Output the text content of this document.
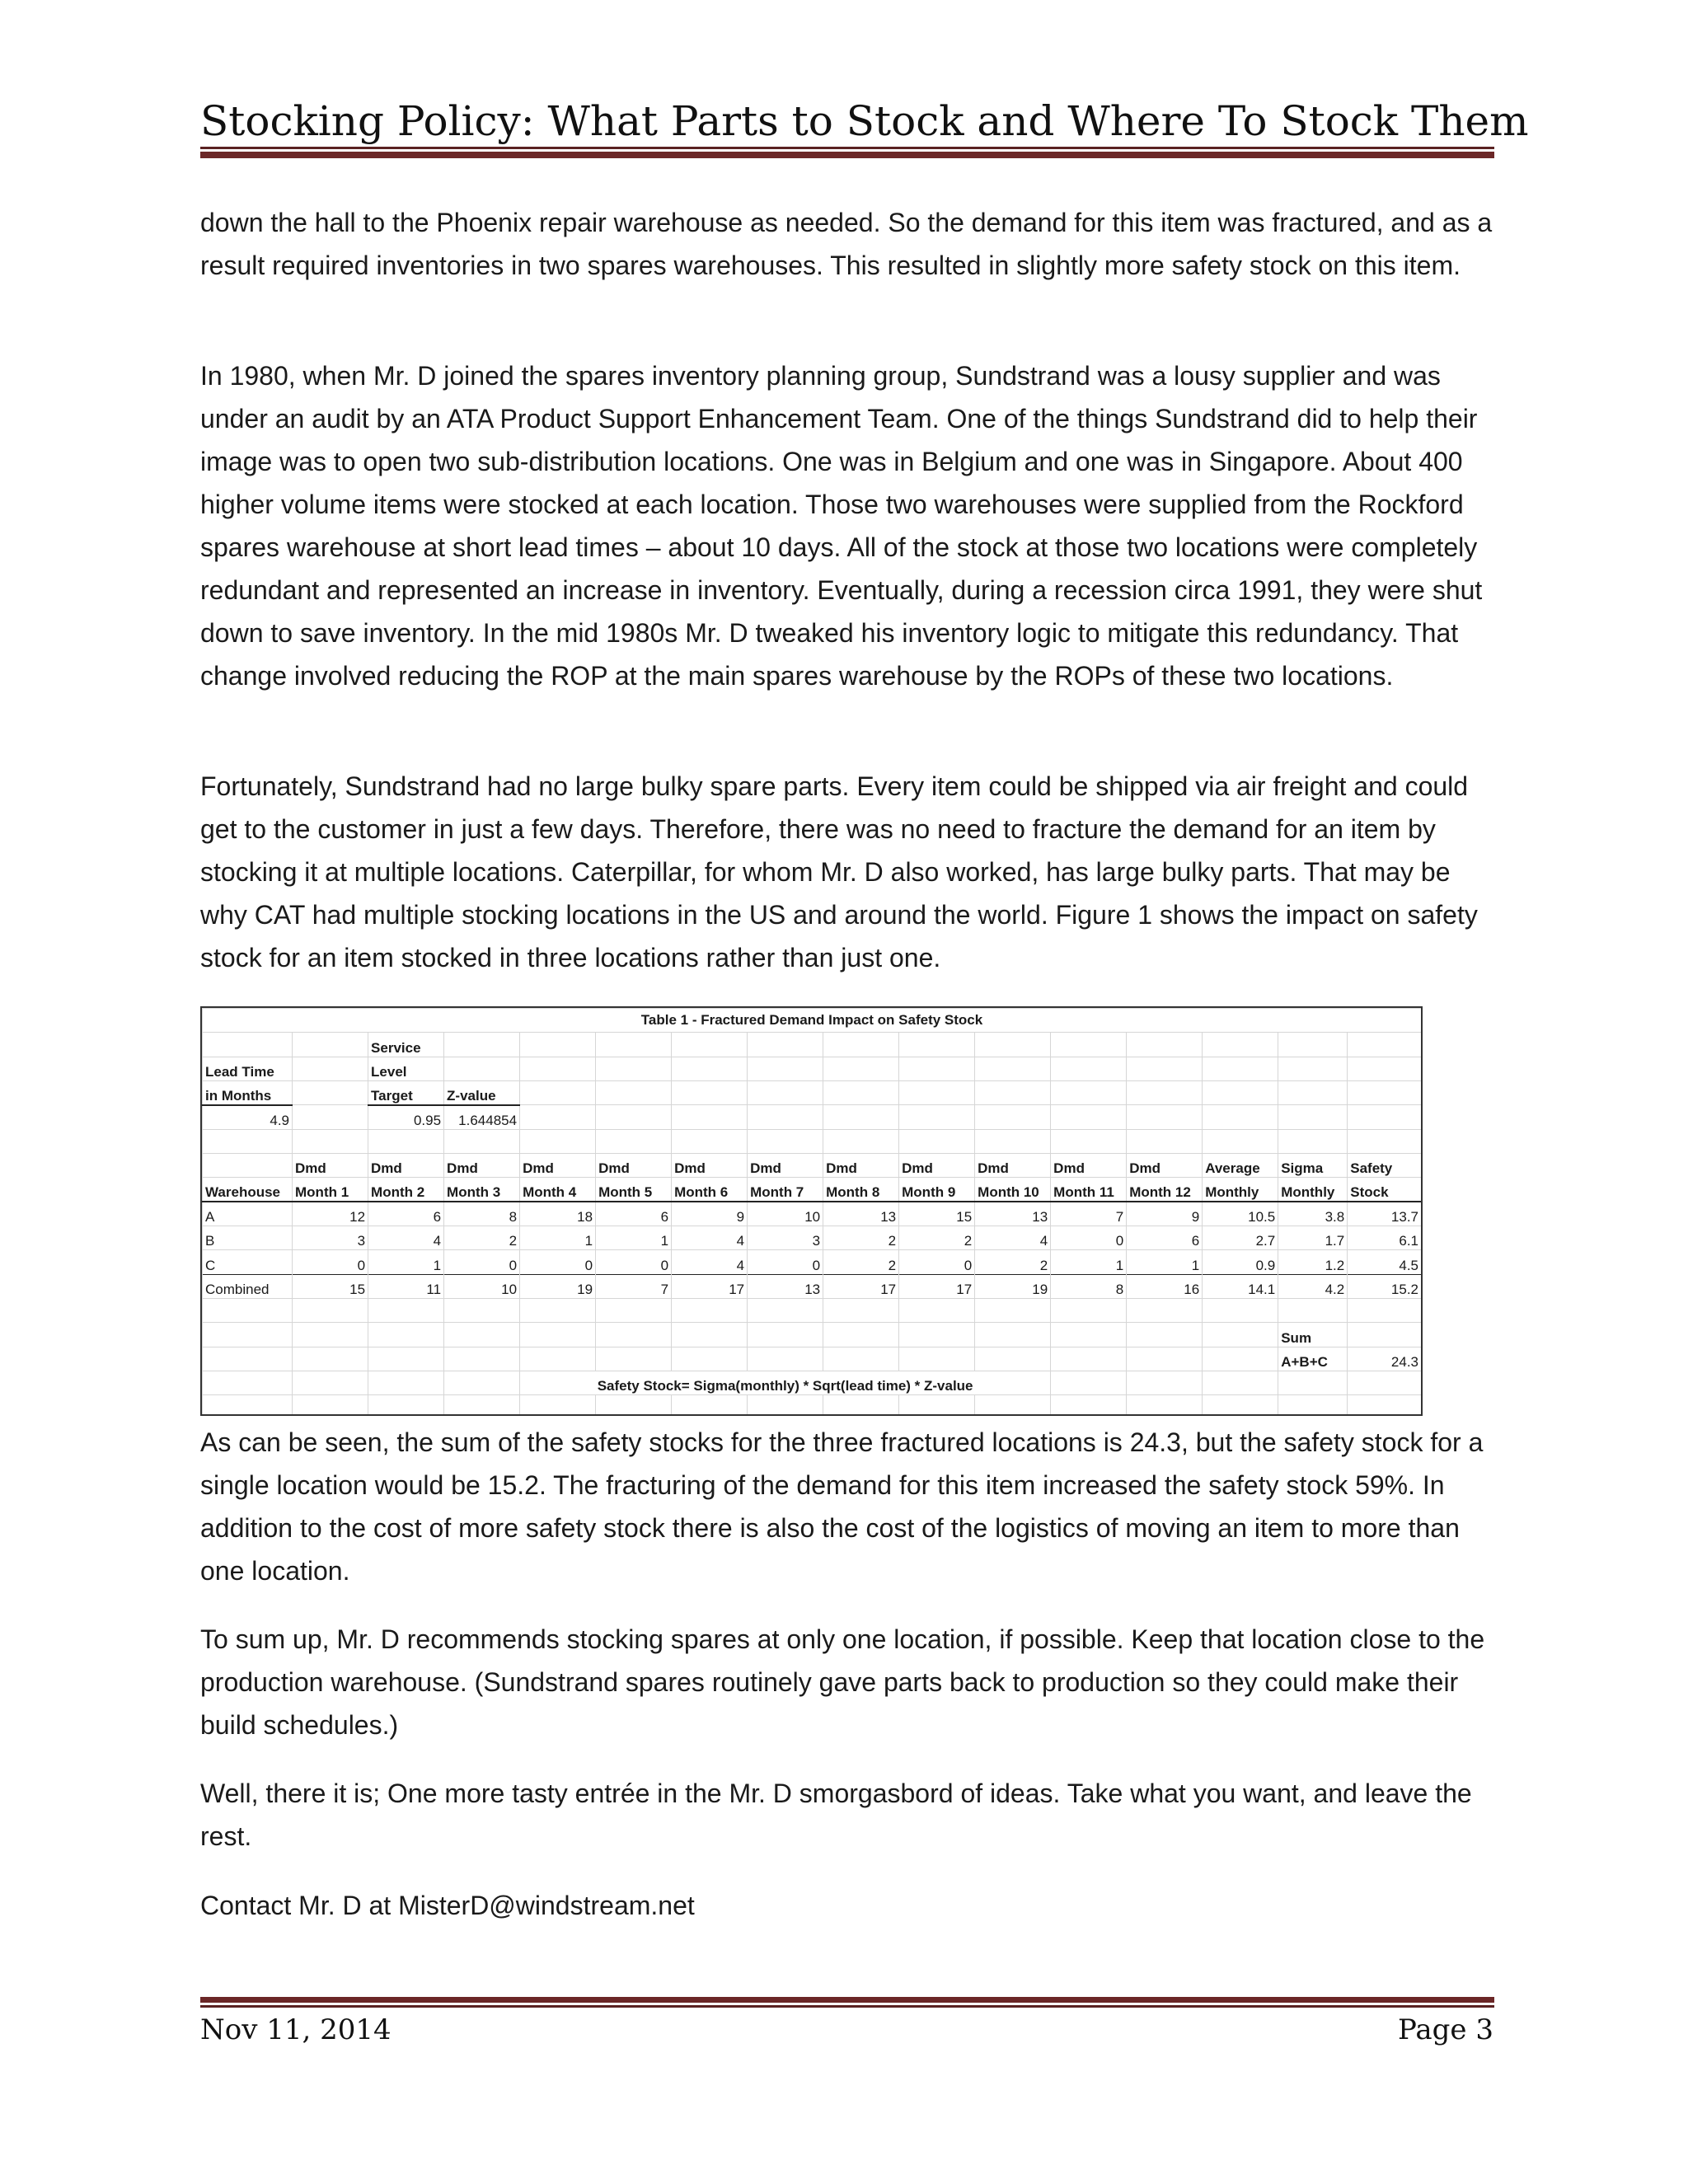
Stocking Policy: What Parts to Stock and Where To Stock Them

down the hall to the Phoenix repair warehouse as needed. So the demand for this item was fractured, and as a result required inventories in two spares warehouses. This resulted in slightly more safety stock on this item.

In 1980, when Mr. D joined the spares inventory planning group, Sundstrand was a lousy supplier and was under an audit by an ATA Product Support Enhancement Team. One of the things Sundstrand did to help their image was to open two sub-distribution locations. One was in Belgium and one was in Singapore. About 400 higher volume items were stocked at each location. Those two warehouses were supplied from the Rockford spares warehouse at short lead times – about 10 days. All of the stock at those two locations were completely redundant and represented an increase in inventory. Eventually, during a recession circa 1991, they were shut down to save inventory. In the mid 1980s Mr. D tweaked his inventory logic to mitigate this redundancy. That change involved reducing the ROP at the main spares warehouse by the ROPs of these two locations.

Fortunately, Sundstrand had no large bulky spare parts. Every item could be shipped via air freight and could get to the customer in just a few days. Therefore, there was no need to fracture the demand for an item by stocking it at multiple locations. Caterpillar, for whom Mr. D also worked, has large bulky parts. That may be why CAT had multiple stocking locations in the US and around the world. Figure 1 shows the impact on safety stock for an item stocked in three locations rather than just one.

Table 1 - Fractured Demand Impact on Safety Stock															
		Service													
Lead Time		Level													
in Months		Target	Z-value												
4.9		0.95	1.644854												

	Dmd	Dmd	Dmd	Dmd	Dmd	Dmd	Dmd	Dmd	Dmd	Dmd	Dmd	Dmd	Average	Sigma	Safety
Warehouse	Month 1	Month 2	Month 3	Month 4	Month 5	Month 6	Month 7	Month 8	Month 9	Month 10	Month 11	Month 12	Monthly	Monthly	Stock
A	12	6	8	18	6	9	10	13	15	13	7	9	10.5	3.8	13.7
B	3	4	2	1	1	4	3	2	2	4	0	6	2.7	1.7	6.1
C	0	1	0	0	0	4	0	2	0	2	1	1	0.9	1.2	4.5
Combined	15	11	10	19	7	17	13	17	17	19	8	16	14.1	4.2	15.2

														Sum	
														A+B+C	24.3
				Safety Stock= Sigma(monthly) * Sqrt(lead time) * Z-value											

As can be seen, the sum of the safety stocks for the three fractured locations is 24.3, but the safety stock for a single location would be 15.2. The fracturing of the demand for this item increased the safety stock 59%. In addition to the cost of more safety stock there is also the cost of the logistics of moving an item to more than one location.

To sum up, Mr. D recommends stocking spares at only one location, if possible. Keep that location close to the production warehouse. (Sundstrand spares routinely gave parts back to production so they could make their build schedules.)

Well, there it is; One more tasty entrée in the Mr. D smorgasbord of ideas. Take what you want, and leave the rest.

Contact Mr. D at MisterD@windstream.net

Nov 11, 2014	Page 3
